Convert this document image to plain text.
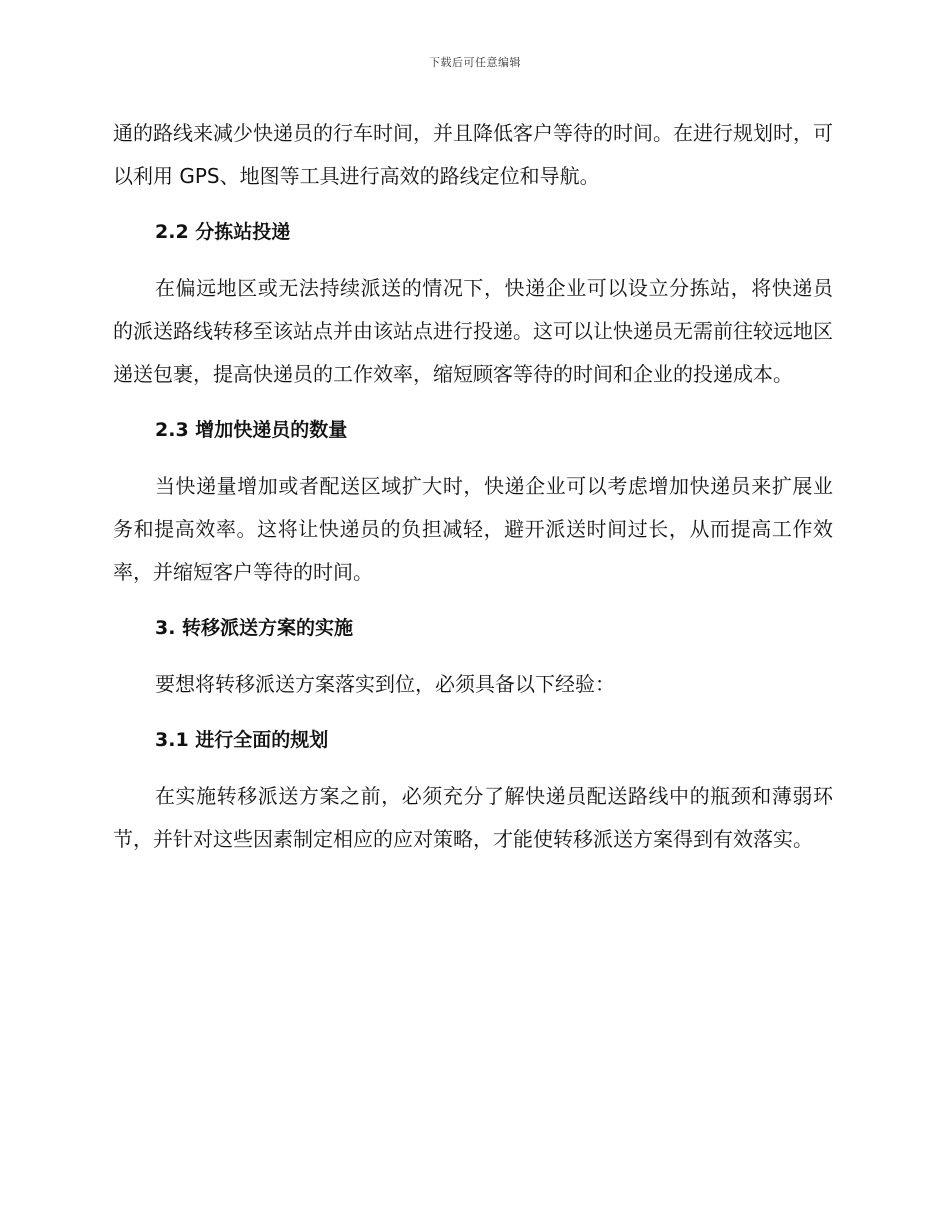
下载后可任意编辑

通的路线来减少快递员的行车时间，并且降低客户等待的时间。在进行规划时，可以利用 GPS、地图等工具进行高效的路线定位和导航。

2.2 分拣站投递

在偏远地区或无法持续派送的情况下，快递企业可以设立分拣站，将快递员的派送路线转移至该站点并由该站点进行投递。这可以让快递员无需前往较远地区递送包裹，提高快递员的工作效率，缩短顾客等待的时间和企业的投递成本。

2.3 增加快递员的数量

当快递量增加或者配送区域扩大时，快递企业可以考虑增加快递员来扩展业务和提高效率。这将让快递员的负担减轻，避开派送时间过长，从而提高工作效率，并缩短客户等待的时间。

3. 转移派送方案的实施

要想将转移派送方案落实到位，必须具备以下经验：

3.1 进行全面的规划

在实施转移派送方案之前，必须充分了解快递员配送路线中的瓶颈和薄弱环节，并针对这些因素制定相应的应对策略，才能使转移派送方案得到有效落实。
